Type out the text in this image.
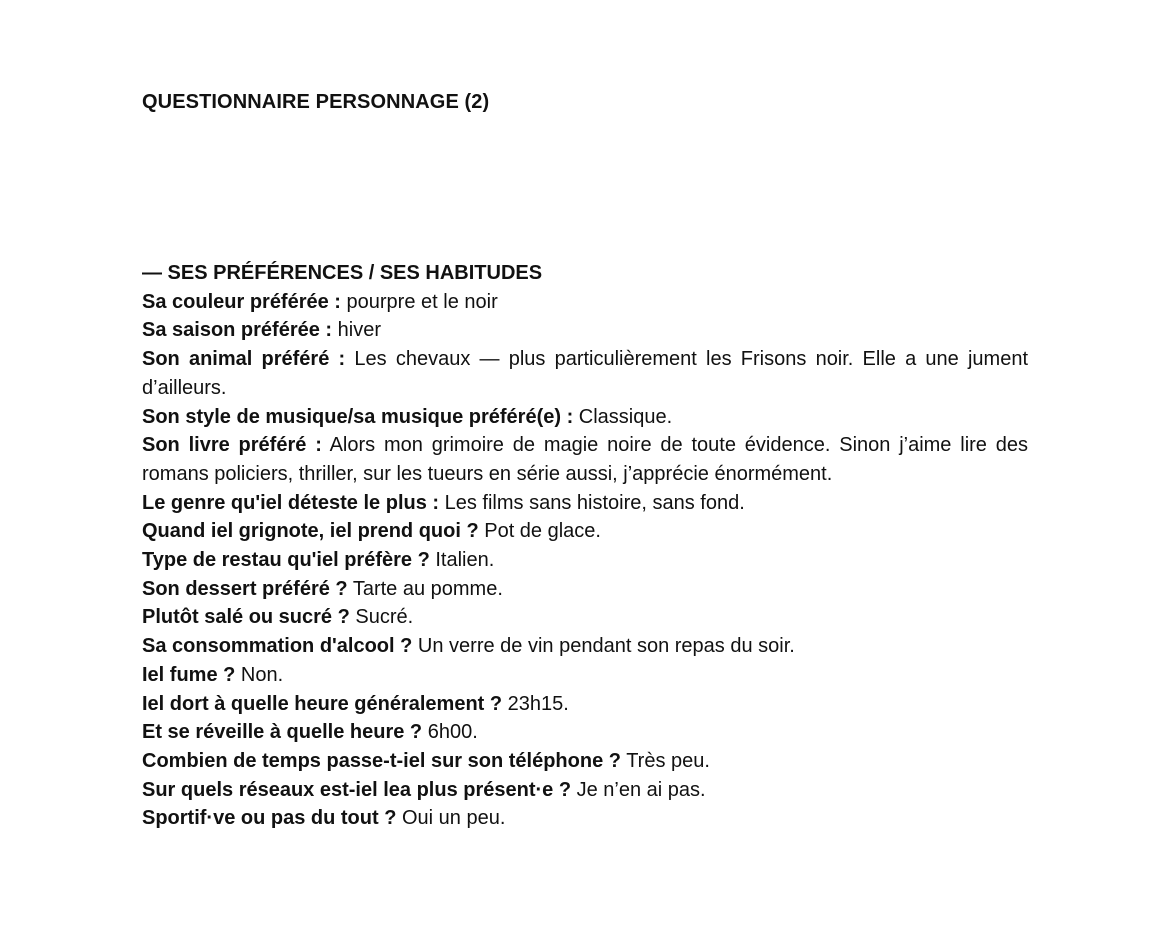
QUESTIONNAIRE PERSONNAGE (2)
— SES PRÉFÉRENCES / SES HABITUDES
Sa couleur préférée : pourpre et le noir
Sa saison préférée : hiver
Son animal préféré : Les chevaux — plus particulièrement les Frisons noir. Elle a une jument d’ailleurs.
Son style de musique/sa musique préféré(e) : Classique.
Son livre préféré : Alors mon grimoire de magie noire de toute évidence. Sinon j’aime lire des romans policiers, thriller, sur les tueurs en série aussi, j’apprécie énormément.
Le genre qu'iel déteste le plus : Les films sans histoire, sans fond.
Quand iel grignote, iel prend quoi ? Pot de glace.
Type de restau qu'iel préfère ? Italien.
Son dessert préféré ? Tarte au pomme.
Plutôt salé ou sucré ? Sucré.
Sa consommation d'alcool ? Un verre de vin pendant son repas du soir.
Iel fume ? Non.
Iel dort à quelle heure généralement ? 23h15.
Et se réveille à quelle heure ? 6h00.
Combien de temps passe-t-iel sur son téléphone ? Très peu.
Sur quels réseaux est-iel lea plus présent·e ? Je n’en ai pas.
Sportif·ve ou pas du tout ? Oui un peu.
